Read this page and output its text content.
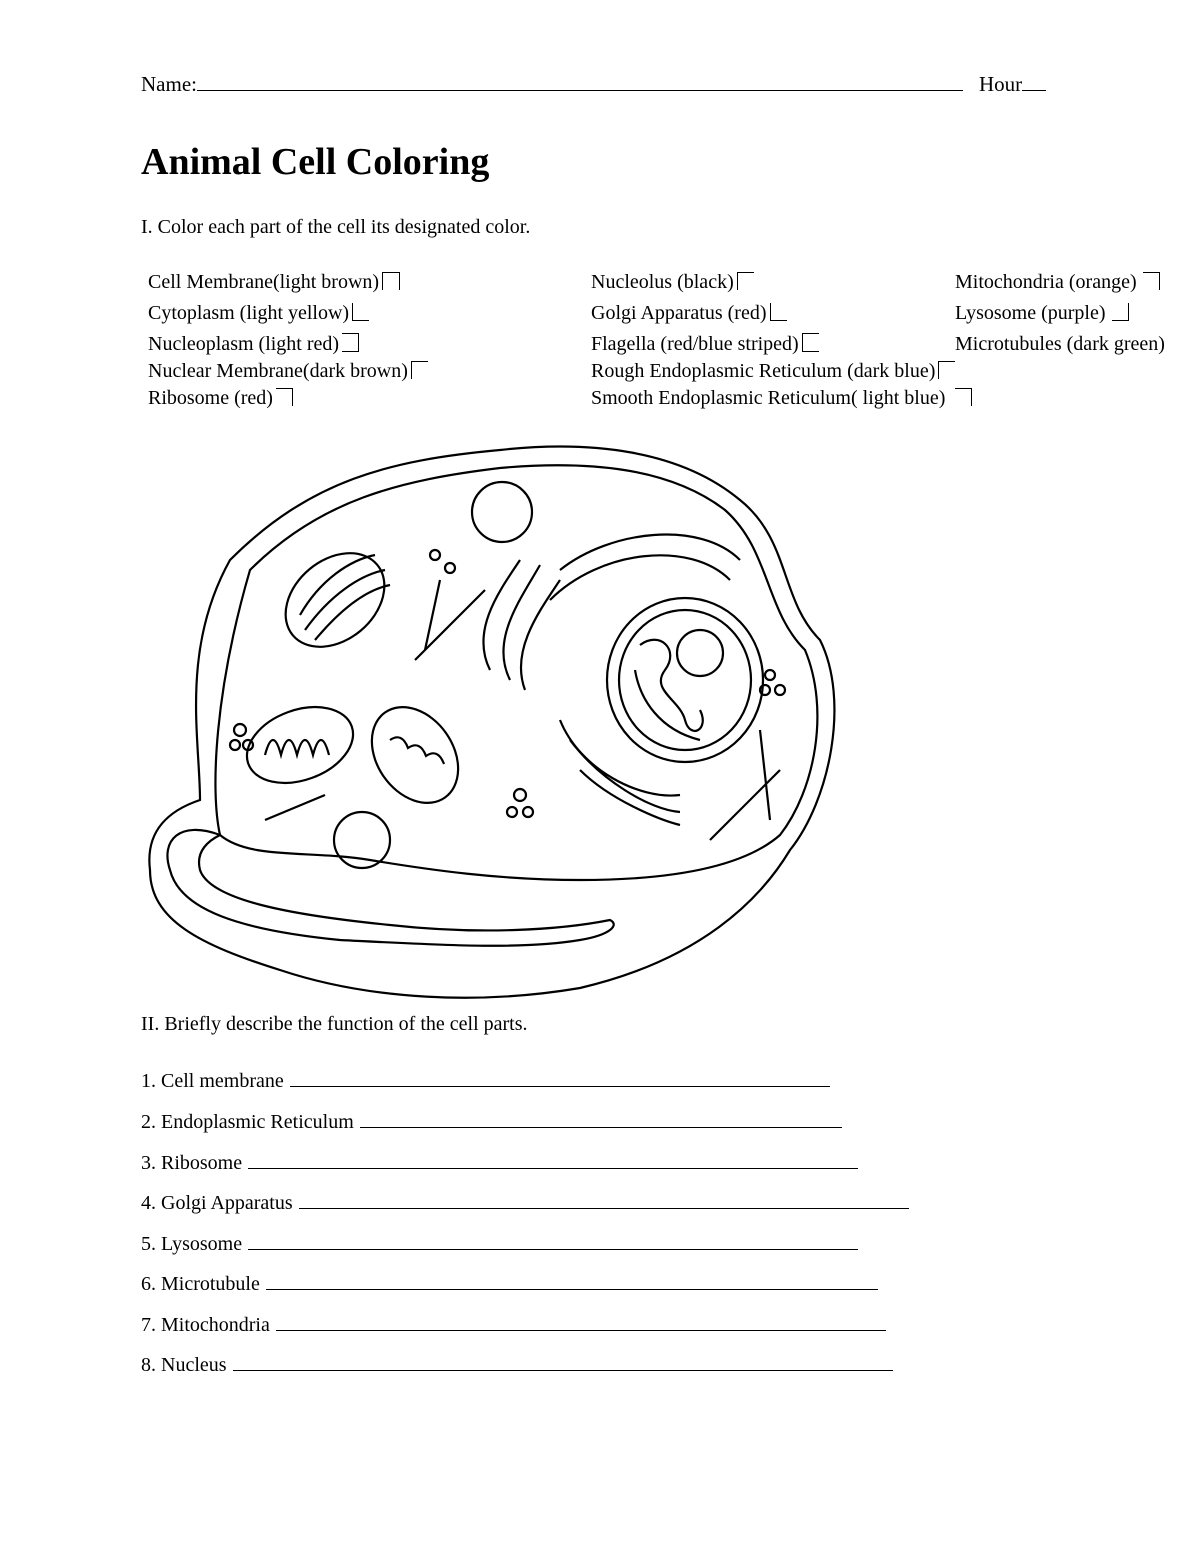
Name:	Hour
Animal Cell Coloring
I. Color each part of the cell its designated color.
Cell Membrane(light brown)
Cytoplasm (light yellow)
Nucleoplasm (light red)
Nuclear Membrane(dark brown)
Ribosome (red)
Nucleolus (black)
Golgi Apparatus (red)
Flagella (red/blue striped)
Rough Endoplasmic Reticulum (dark blue)
Smooth Endoplasmic Reticulum( light blue)
Mitochondria (orange)
Lysosome (purple)
Microtubules (dark green)
II. Briefly describe the function of the cell parts.
1. Cell membrane
2. Endoplasmic Reticulum
3. Ribosome
4. Golgi Apparatus
5. Lysosome
6. Microtubule
7. Mitochondria
8. Nucleus
